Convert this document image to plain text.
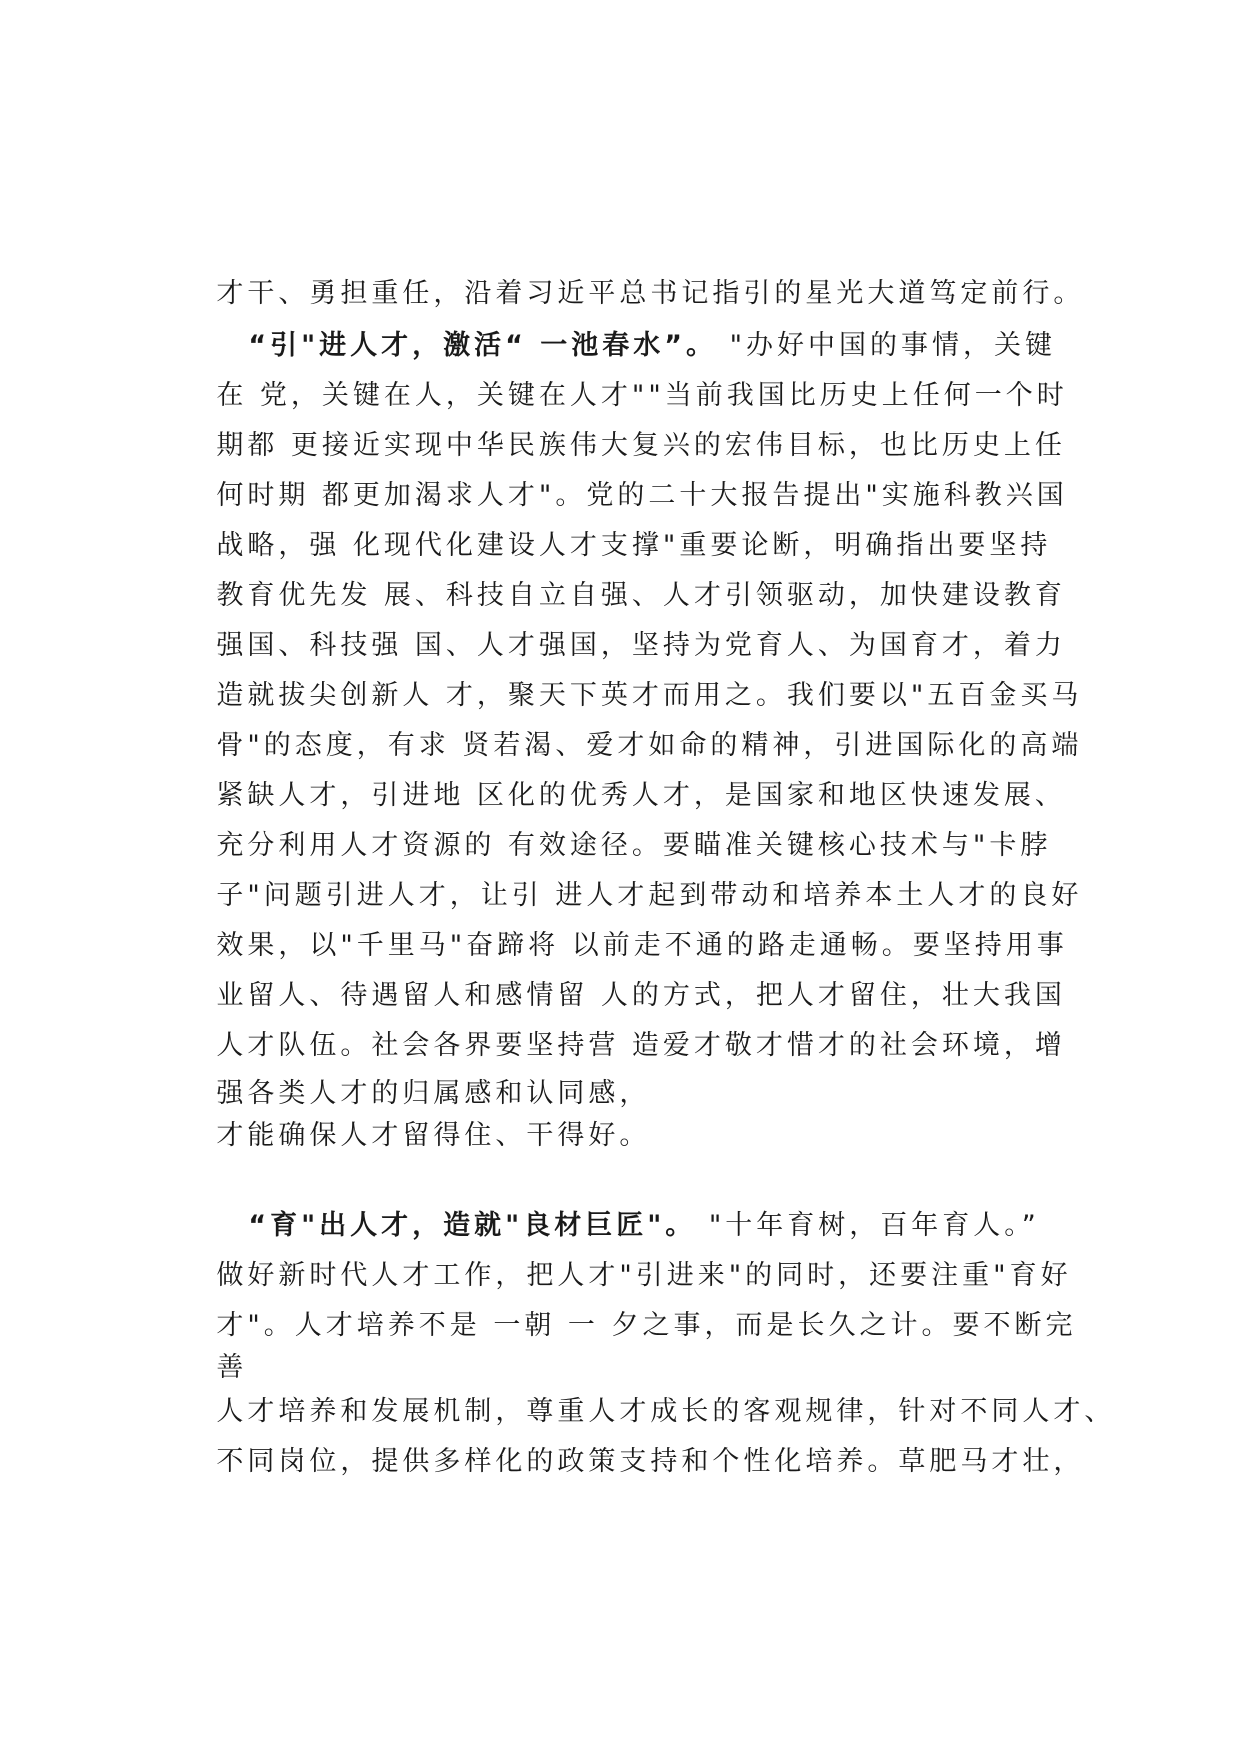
才干、勇担重任，沿着习近平总书记指引的星光大道笃定前行。

“引"进人才，激活“ 一池春水”。 "办好中国的事情，关键

在 党，关键在人，关键在人才""当前我国比历史上任何一个时

期都 更接近实现中华民族伟大复兴的宏伟目标，也比历史上任

何时期 都更加渴求人才"。党的二十大报告提出"实施科教兴国

战略，强 化现代化建设人才支撑"重要论断，明确指出要坚持

教育优先发 展、科技自立自强、人才引领驱动，加快建设教育

强国、科技强 国、人才强国，坚持为党育人、为国育才，着力

造就拔尖创新人 才，聚天下英才而用之。我们要以"五百金买马

骨"的态度，有求 贤若渴、爱才如命的精神，引进国际化的高端

紧缺人才，引进地 区化的优秀人才，是国家和地区快速发展、

充分利用人才资源的 有效途径。要瞄准关键核心技术与"卡脖

子"问题引进人才，让引 进人才起到带动和培养本土人才的良好

效果，以"千里马"奋蹄将 以前走不通的路走通畅。要坚持用事

业留人、待遇留人和感情留 人的方式，把人才留住，壮大我国

人才队伍。社会各界要坚持营 造爱才敬才惜才的社会环境，增

强各类人才的归属感和认同感，

才能确保人才留得住、干得好。

“育"出人才，造就"良材巨匠"。 "十年育树，百年育人。”

做好新时代人才工作，把人才"引进来"的同时，还要注重"育好

才"。人才培养不是 一朝 一 夕之事，而是长久之计。要不断完

善

人才培养和发展机制，尊重人才成长的客观规律，针对不同人才、

不同岗位，提供多样化的政策支持和个性化培养。草肥马才壮，
